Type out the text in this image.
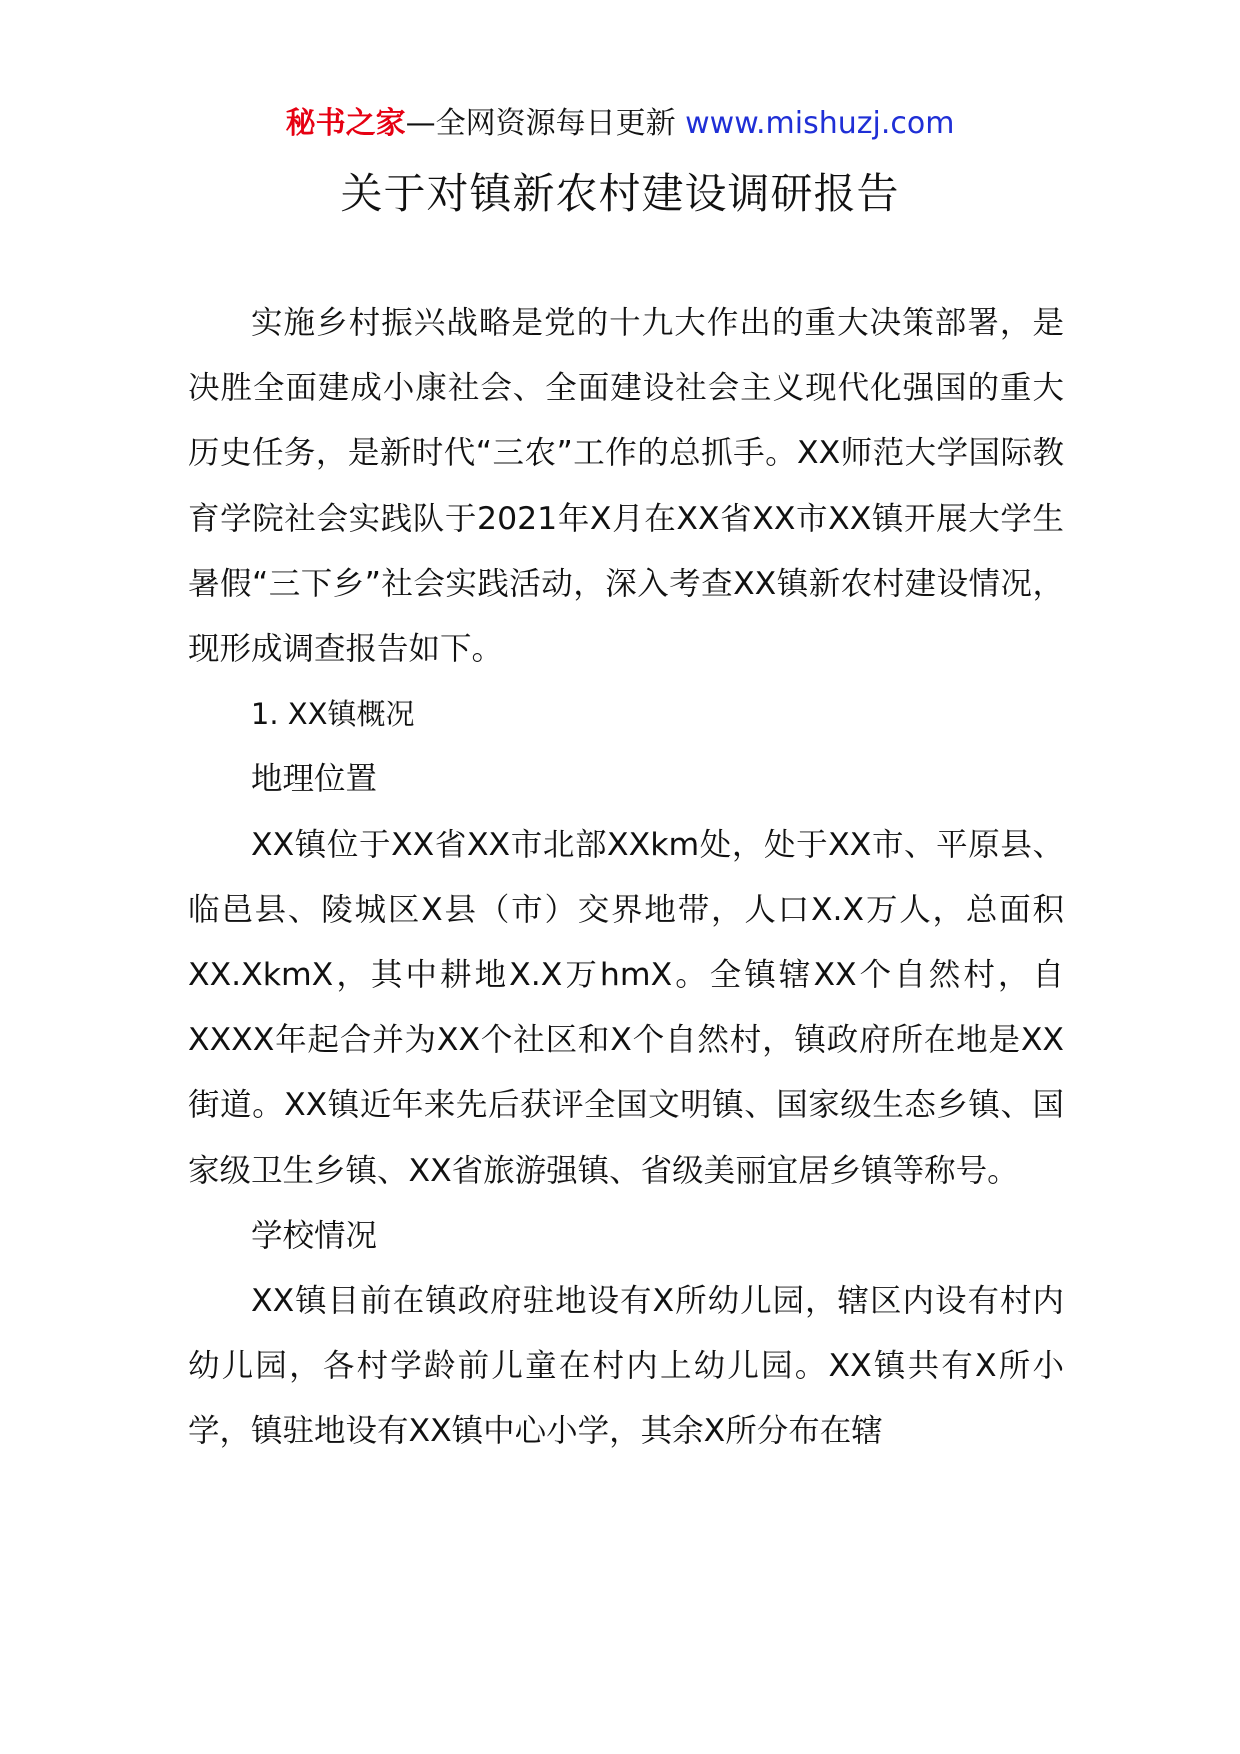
秘书之家—全网资源每日更新 www.mishuzj.com
关于对镇新农村建设调研报告

实施乡村振兴战略是党的十九大作出的重大决策部署，是决胜全面建成小康社会、全面建设社会主义现代化强国的重大历史任务，是新时代“三农”工作的总抓手。XX师范大学国际教育学院社会实践队于2021年X月在XX省XX市XX镇开展大学生暑假“三下乡”社会实践活动，深入考查XX镇新农村建设情况，现形成调查报告如下。

1. XX镇概况

地理位置

XX镇位于XX省XX市北部XXkm处，处于XX市、平原县、临邑县、陵城区X县（市）交界地带，人口X.X万人，总面积XX.XkmX，其中耕地X.X万hmX。全镇辖XX个自然村，自XXXX年起合并为XX个社区和X个自然村，镇政府所在地是XX街道。XX镇近年来先后获评全国文明镇、国家级生态乡镇、国家级卫生乡镇、XX省旅游强镇、省级美丽宜居乡镇等称号。

学校情况

XX镇目前在镇政府驻地设有X所幼儿园，辖区内设有村内幼儿园，各村学龄前儿童在村内上幼儿园。XX镇共有X所小学，镇驻地设有XX镇中心小学，其余X所分布在辖
